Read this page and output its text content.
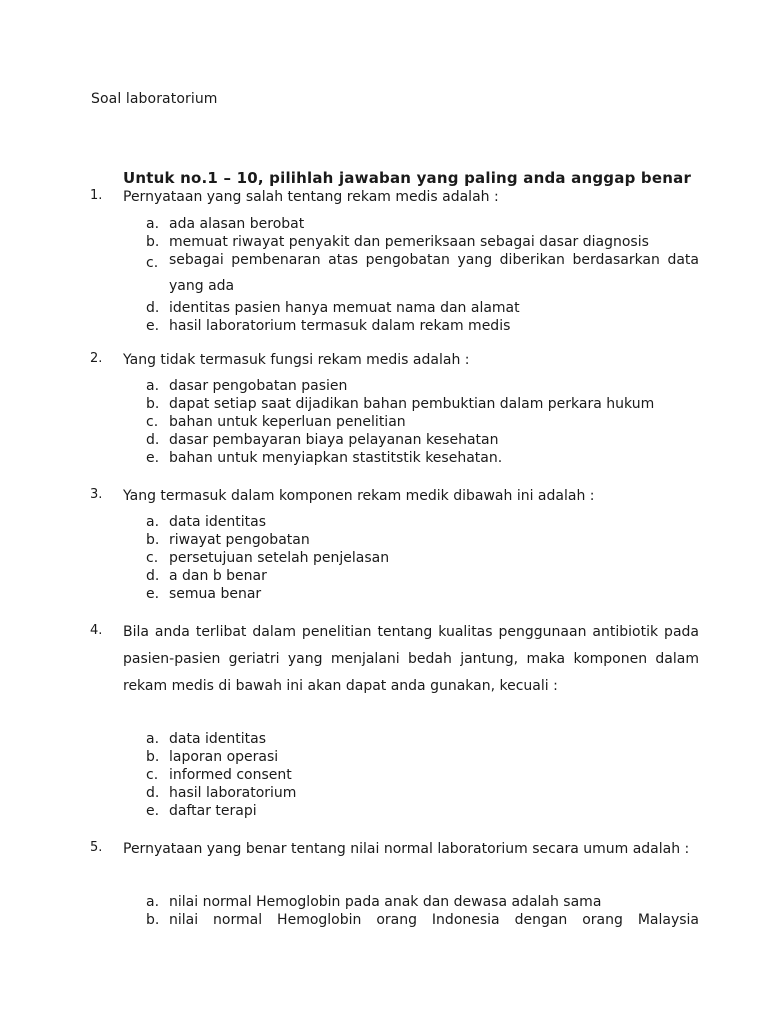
Soal laboratorium

Untuk no.1 – 10, pilihlah jawaban yang paling anda anggap benar

1. Pernyataan yang salah tentang rekam medis adalah :

a. ada alasan berobat
b. memuat riwayat penyakit dan pemeriksaan sebagai dasar diagnosis
c. sebagai pembenaran atas pengobatan yang diberikan berdasarkan data yang ada
d. identitas pasien hanya memuat nama dan alamat
e. hasil laboratorium termasuk dalam rekam medis
2. Yang tidak termasuk fungsi rekam medis adalah :

a. dasar pengobatan pasien
b. dapat setiap saat dijadikan bahan pembuktian dalam perkara hukum
c. bahan untuk keperluan penelitian
d. dasar pembayaran biaya pelayanan kesehatan
e. bahan untuk menyiapkan stastitstik kesehatan.
3. Yang termasuk dalam komponen rekam medik dibawah ini adalah :

a. data identitas
b. riwayat pengobatan
c. persetujuan setelah penjelasan
d. a dan b benar
e. semua benar
4. Bila anda terlibat dalam penelitian tentang kualitas penggunaan antibiotik pada pasien-pasien geriatri yang menjalani bedah jantung, maka komponen dalam rekam medis di bawah ini akan dapat anda gunakan, kecuali :

a. data identitas
b. laporan operasi
c. informed consent
d. hasil laboratorium
e. daftar terapi
5. Pernyataan yang benar tentang nilai normal laboratorium secara umum adalah :

a. nilai normal Hemoglobin pada anak dan dewasa adalah sama
b. nilai normal Hemoglobin orang Indonesia dengan orang Malaysia
